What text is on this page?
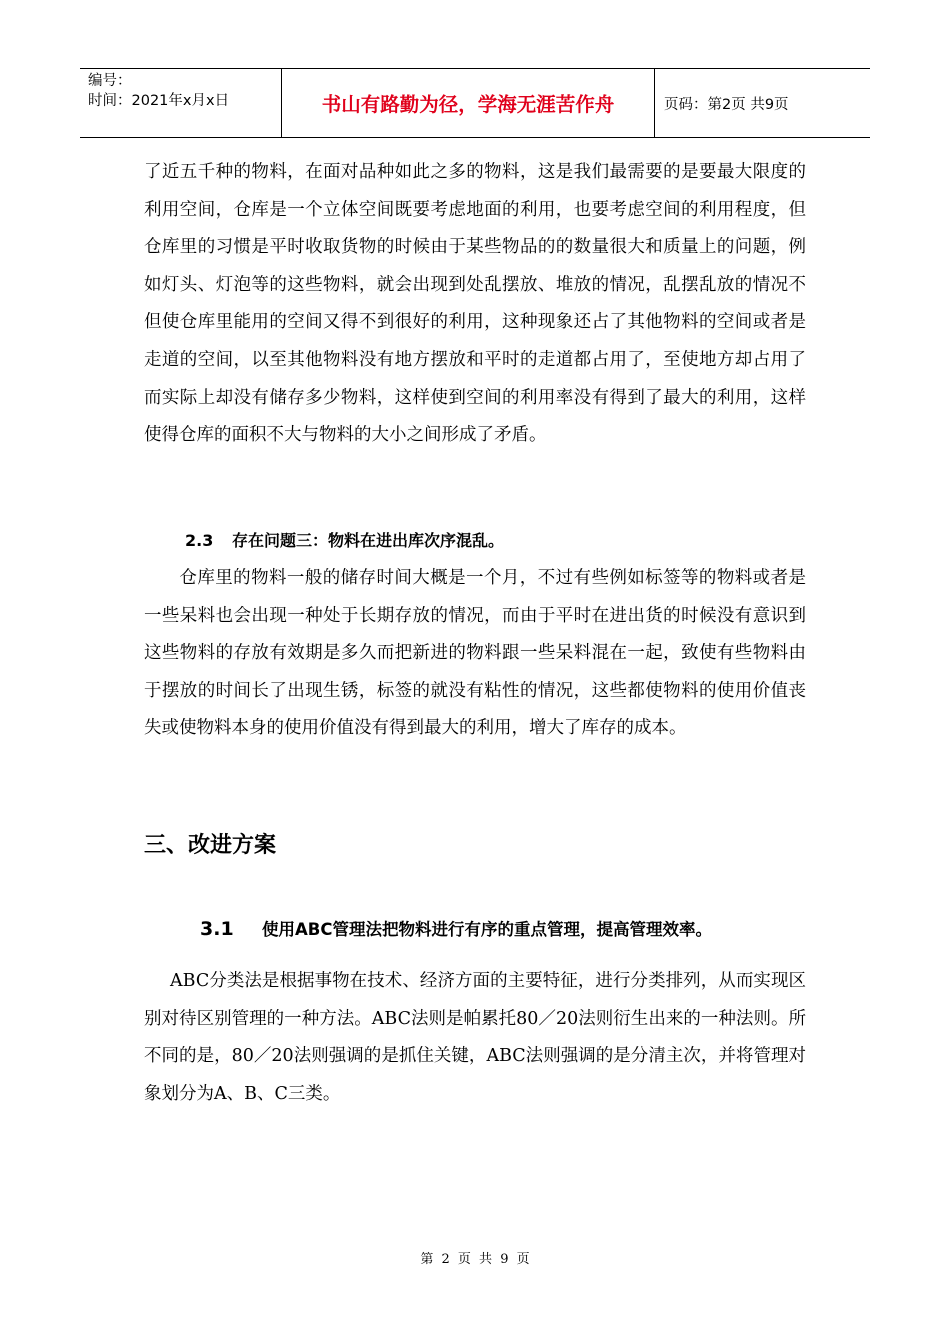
编号：
时间：2021年x月x日	书山有路勤为径，学海无涯苦作舟	页码：第2页 共9页

了近五千种的物料，在面对品种如此之多的物料，这是我们最需要的是要最大限度的利用空间，仓库是一个立体空间既要考虑地面的利用，也要考虑空间的利用程度，但仓库里的习惯是平时收取货物的时候由于某些物品的的数量很大和质量上的问题，例如灯头、灯泡等的这些物料，就会出现到处乱摆放、堆放的情况，乱摆乱放的情况不但使仓库里能用的空间又得不到很好的利用，这种现象还占了其他物料的空间或者是走道的空间，以至其他物料没有地方摆放和平时的走道都占用了，至使地方却占用了而实际上却没有储存多少物料，这样使到空间的利用率没有得到了最大的利用，这样使得仓库的面积不大与物料的大小之间形成了矛盾。

2.3 存在问题三：物料在进出库次序混乱。

仓库里的物料一般的储存时间大概是一个月，不过有些例如标签等的物料或者是一些呆料也会出现一种处于长期存放的情况，而由于平时在进出货的时候没有意识到这些物料的存放有效期是多久而把新进的物料跟一些呆料混在一起，致使有些物料由于摆放的时间长了出现生锈，标签的就没有粘性的情况，这些都使物料的使用价值丧失或使物料本身的使用价值没有得到最大的利用，增大了库存的成本。

三、改进方案
3.1 使用ABC管理法把物料进行有序的重点管理，提高管理效率。

ABC分类法是根据事物在技术、经济方面的主要特征，进行分类排列，从而实现区别对待区别管理的一种方法。ABC法则是帕累托80／20法则衍生出来的一种法则。所不同的是，80／20法则强调的是抓住关键，ABC法则强调的是分清主次，并将管理对象划分为A、B、C三类。

第 2 页 共 9 页
